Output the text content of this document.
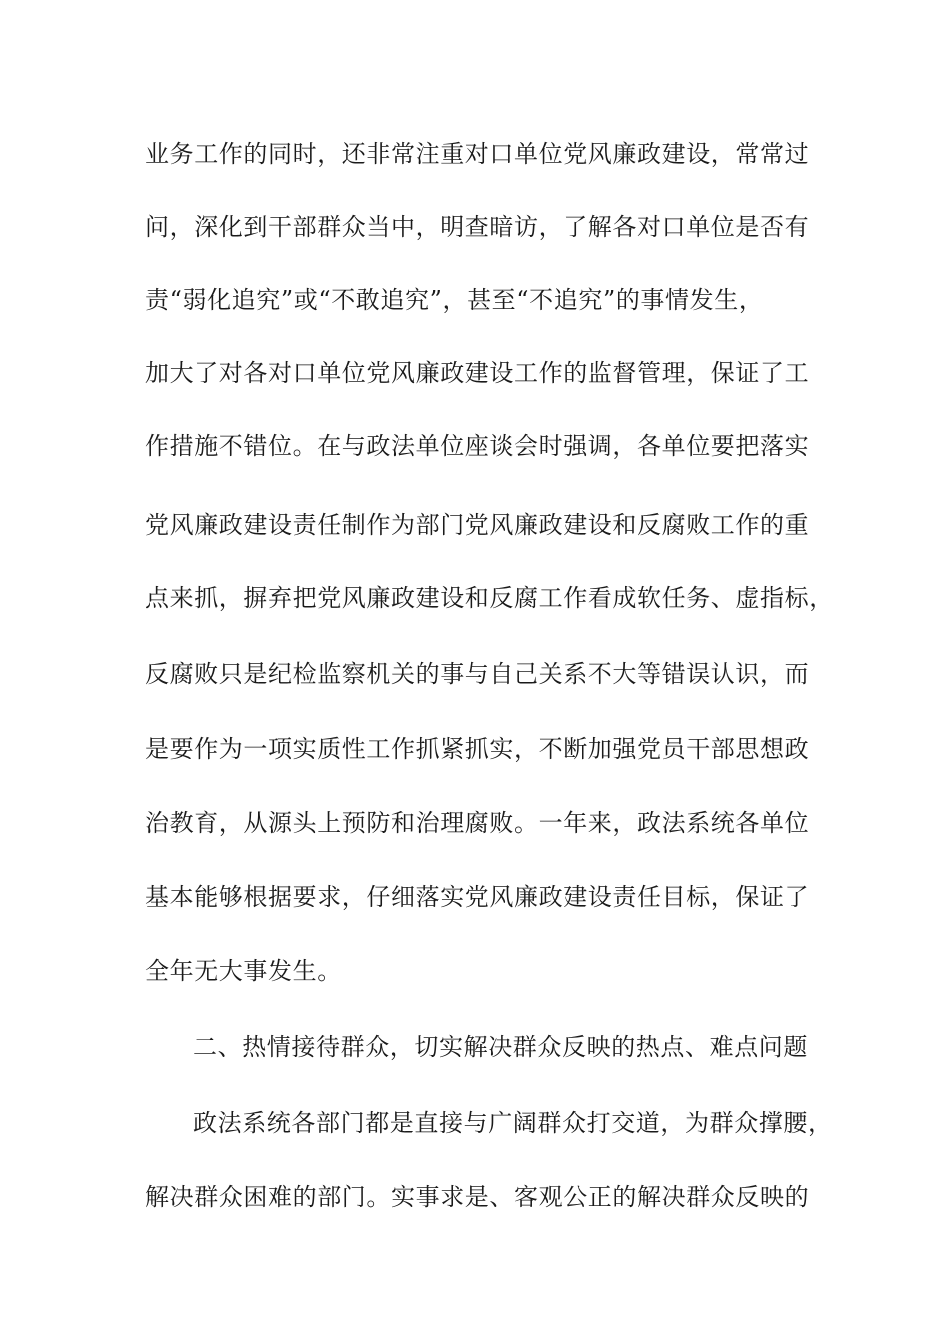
业务工作的同时，还非常注重对口单位党风廉政建设，常常过
问，深化到干部群众当中，明查暗访，了解各对口单位是否有
责“弱化追究”或“不敢追究”，甚至“不追究”的事情发生，
加大了对各对口单位党风廉政建设工作的监督管理，保证了工
作措施不错位。在与政法单位座谈会时强调，各单位要把落实
党风廉政建设责任制作为部门党风廉政建设和反腐败工作的重
点来抓，摒弃把党风廉政建设和反腐工作看成软任务、虚指标，
反腐败只是纪检监察机关的事与自己关系不大等错误认识，而
是要作为一项实质性工作抓紧抓实，不断加强党员干部思想政
治教育，从源头上预防和治理腐败。一年来，政法系统各单位
基本能够根据要求，仔细落实党风廉政建设责任目标，保证了
全年无大事发生。
二、热情接待群众，切实解决群众反映的热点、难点问题
政法系统各部门都是直接与广阔群众打交道，为群众撑腰，
解决群众困难的部门。实事求是、客观公正的解决群众反映的
